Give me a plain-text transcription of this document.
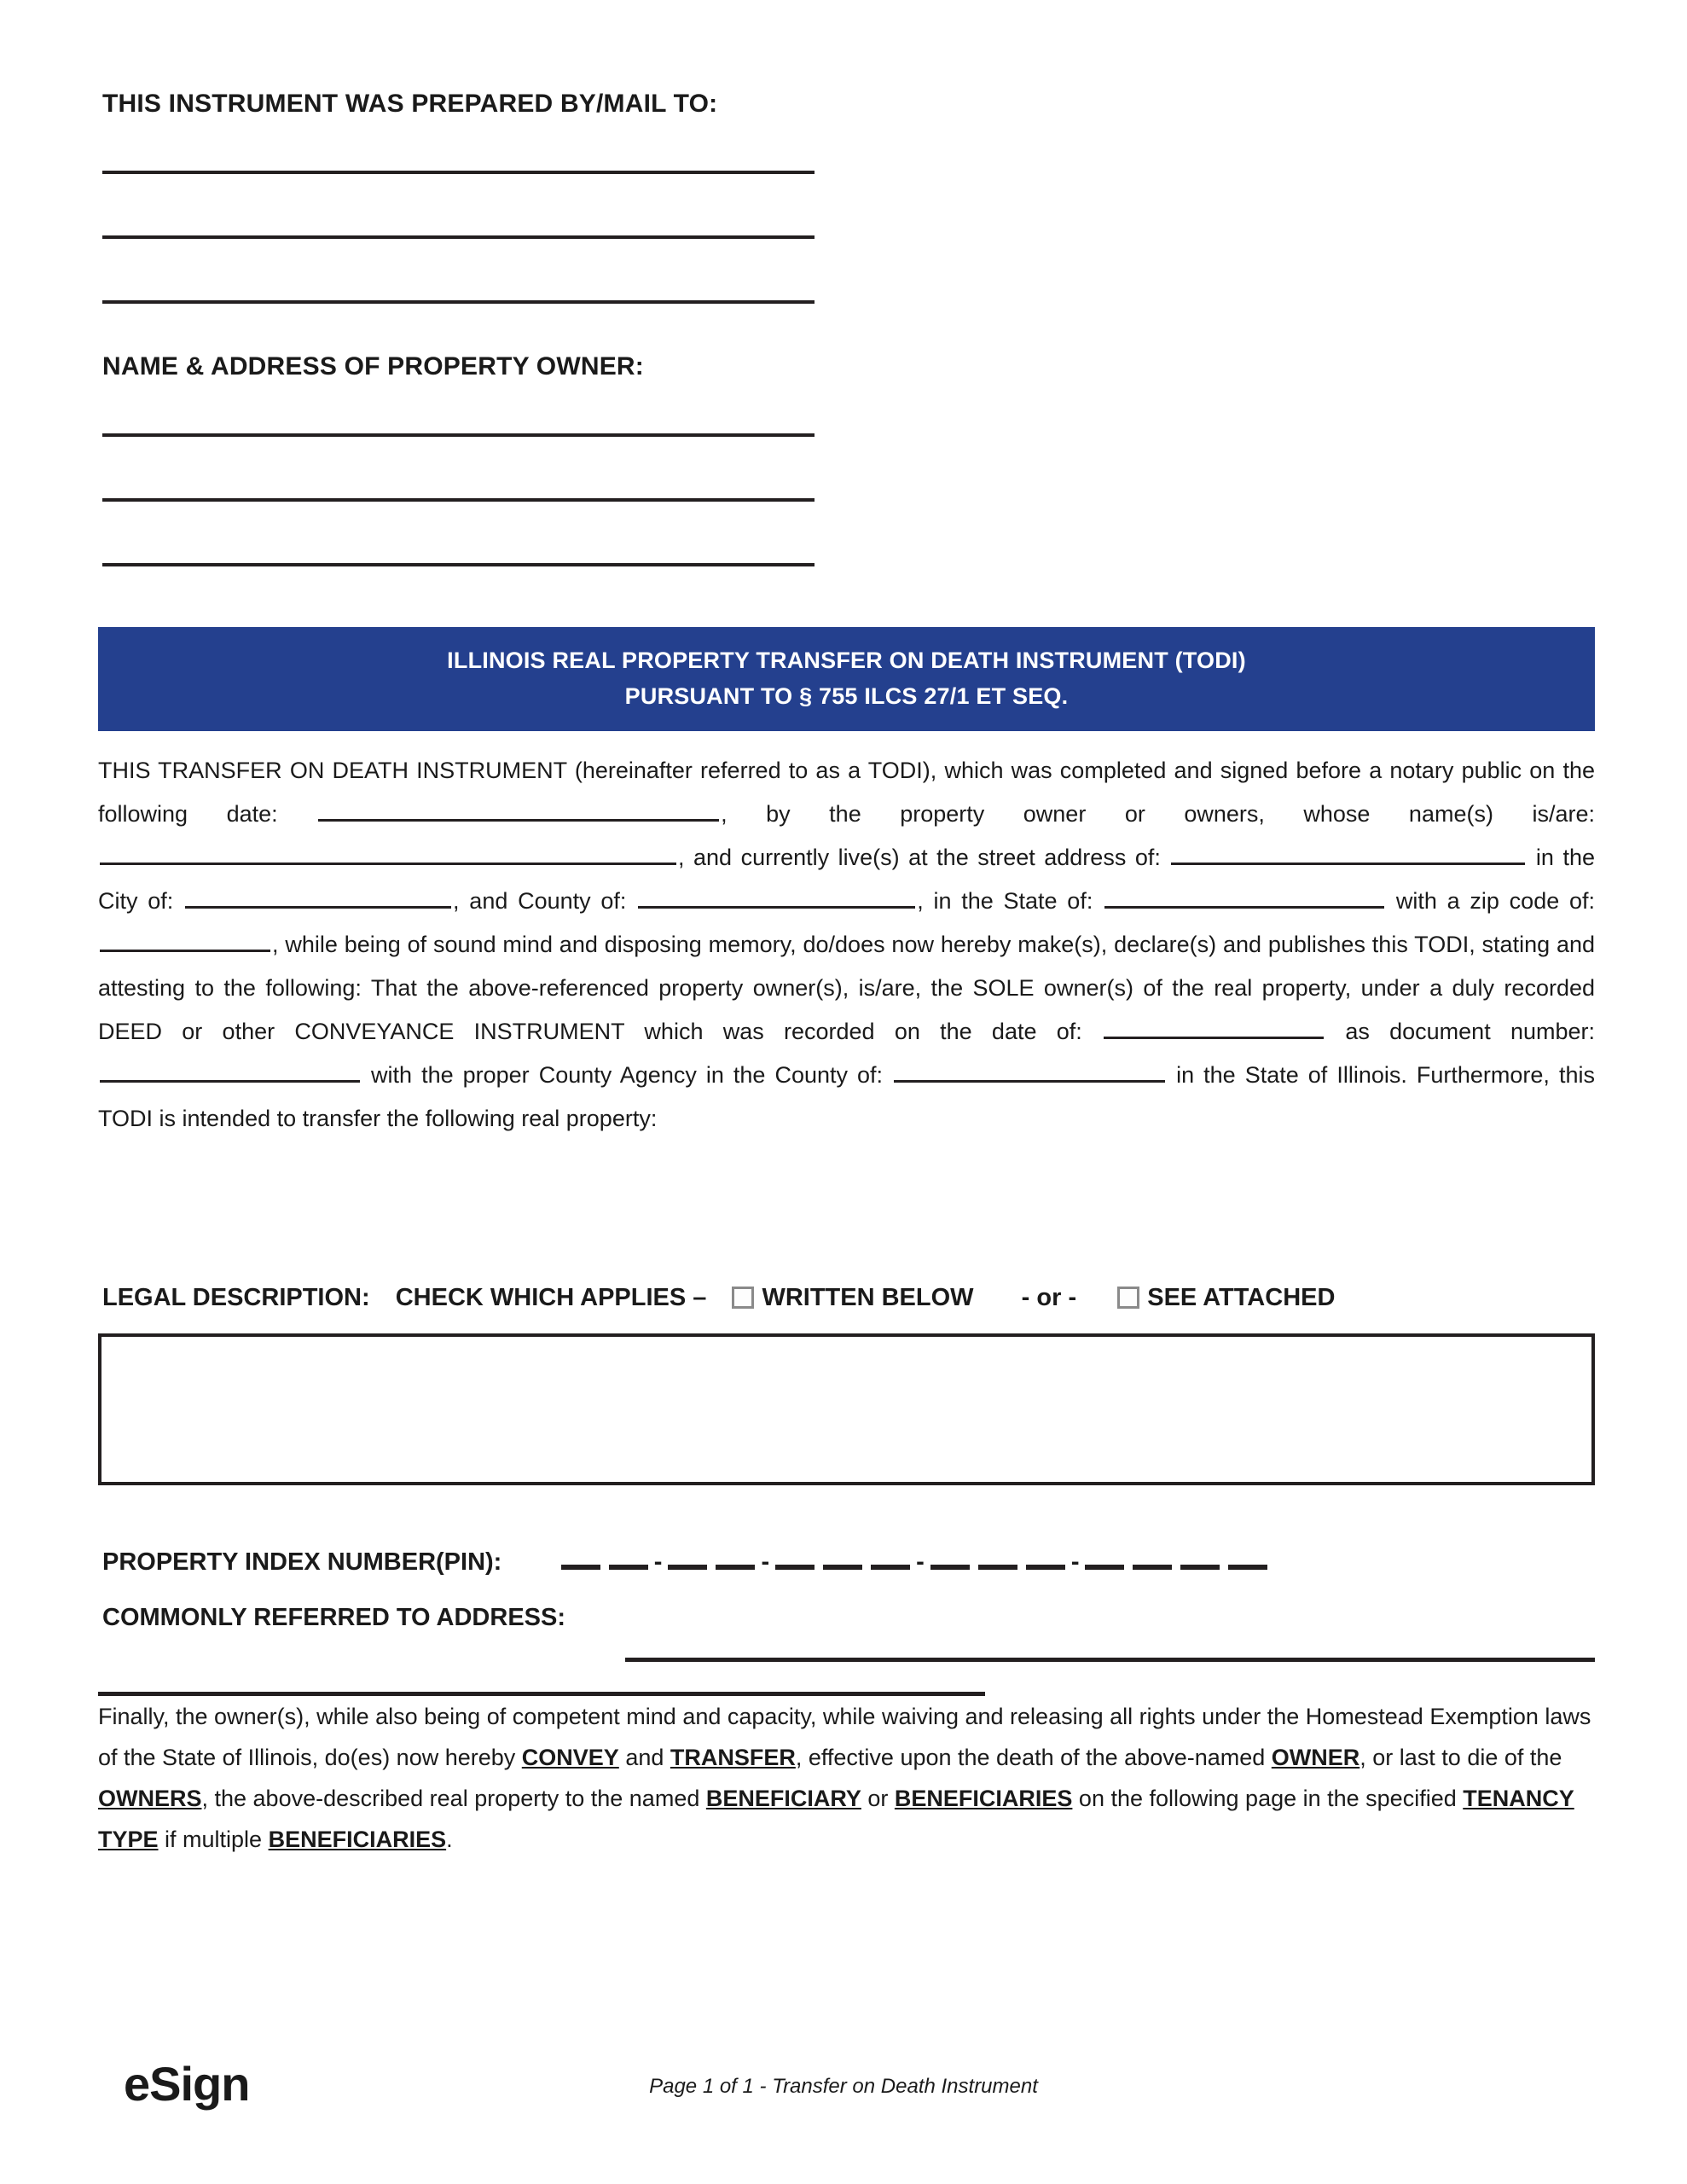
THIS INSTRUMENT WAS PREPARED BY/MAIL TO:
NAME & ADDRESS OF PROPERTY OWNER:
ILLINOIS REAL PROPERTY TRANSFER ON DEATH INSTRUMENT (TODI)
PURSUANT TO § 755 ILCS 27/1 ET SEQ.
THIS TRANSFER ON DEATH INSTRUMENT (hereinafter referred to as a TODI), which was completed and signed before a notary public on the following date:	, by the property owner or owners, whose name(s) is/are: , and currently live(s) at the street address of:	in the City of:	, and County of:	, in the State of:	with a zip code of: , while being of sound mind and disposing memory, do/does now hereby make(s), declare(s) and publishes this TODI, stating and attesting to the following: That the above-referenced property owner(s), is/are, the SOLE owner(s) of the real property, under a duly recorded DEED or other CONVEYANCE INSTRUMENT which was recorded on the date of:	as document number:  with the proper County Agency in the County of:	in the State of Illinois. Furthermore, this TODI is intended to transfer the following real property:
LEGAL DESCRIPTION: CHECK WHICH APPLIES – WRITTEN BELOW - or -	SEE ATTACHED
PROPERTY INDEX NUMBER(PIN):	-	-	-	-
COMMONLY REFERRED TO ADDRESS:
Finally, the owner(s), while also being of competent mind and capacity, while waiving and releasing all rights under the Homestead Exemption laws of the State of Illinois, do(es) now hereby CONVEY and TRANSFER, effective upon the death of the above-named OWNER, or last to die of the OWNERS, the above-described real property to the named BENEFICIARY or BENEFICIARIES on the following page in the specified TENANCY TYPE if multiple BENEFICIARIES.
eSign	Page 1 of 1 - Transfer on Death Instrument
